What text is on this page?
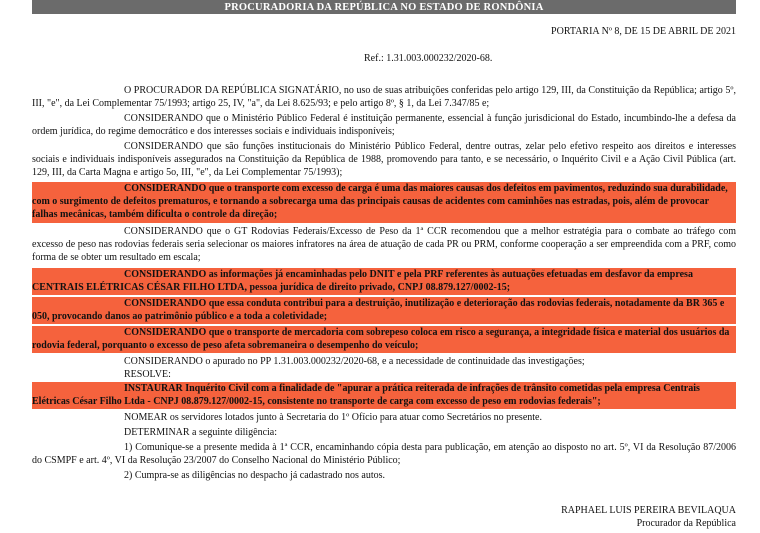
PROCURADORIA DA REPÚBLICA NO ESTADO DE RONDÔNIA
PORTARIA Nº 8, DE 15 DE ABRIL DE 2021
Ref.: 1.31.003.000232/2020-68.
O PROCURADOR DA REPÚBLICA SIGNATÁRIO, no uso de suas atribuições conferidas pelo artigo 129, III, da Constituição da República; artigo 5º, III, "e", da Lei Complementar 75/1993; artigo 25, IV, "a", da Lei 8.625/93; e pelo artigo 8º, § 1, da Lei 7.347/85 e;
CONSIDERANDO que o Ministério Público Federal é instituição permanente, essencial à função jurisdicional do Estado, incumbindo-lhe a defesa da ordem jurídica, do regime democrático e dos interesses sociais e individuais indisponíveis;
CONSIDERANDO que são funções institucionais do Ministério Público Federal, dentre outras, zelar pelo efetivo respeito aos direitos e interesses sociais e individuais indisponíveis assegurados na Constituição da República de 1988, promovendo para tanto, e se necessário, o Inquérito Civil e a Ação Civil Pública (art. 129, III, da Carta Magna e artigo 5o, III, "e", da Lei Complementar 75/1993);
CONSIDERANDO que o transporte com excesso de carga é uma das maiores causas dos defeitos em pavimentos, reduzindo sua durabilidade, com o surgimento de defeitos prematuros, e tornando a sobrecarga uma das principais causas de acidentes com caminhões nas estradas, pois, além de provocar falhas mecânicas, também dificulta o controle da direção;
CONSIDERANDO que o GT Rodovias Federais/Excesso de Peso da 1ª CCR recomendou que a melhor estratégia para o combate ao tráfego com excesso de peso nas rodovias federais seria selecionar os maiores infratores na área de atuação de cada PR ou PRM, conforme cooperação a ser empreendida com a PRF, como forma de se obter um resultado em escala;
CONSIDERANDO as informações já encaminhadas pelo DNIT e pela PRF referentes às autuações efetuadas em desfavor da empresa CENTRAIS ELÉTRICAS CÉSAR FILHO LTDA, pessoa jurídica de direito privado, CNPJ 08.879.127/0002-15;
CONSIDERANDO que essa conduta contribui para a destruição, inutilização e deterioração das rodovias federais, notadamente da BR 365 e 050, provocando danos ao patrimônio público e a toda a coletividade;
CONSIDERANDO que o transporte de mercadoria com sobrepeso coloca em risco a segurança, a integridade física e material dos usuários da rodovia federal, porquanto o excesso de peso afeta sobremaneira o desempenho do veículo;
CONSIDERANDO o apurado no PP 1.31.003.000232/2020-68, e a necessidade de continuidade das investigações;
RESOLVE:
INSTAURAR Inquérito Civil com a finalidade de "apurar a prática reiterada de infrações de trânsito cometidas pela empresa Centrais Elétricas César Filho Ltda - CNPJ 08.879.127/0002-15, consistente no transporte de carga com excesso de peso em rodovias federais";
NOMEAR os servidores lotados junto à Secretaria do 1º Ofício para atuar como Secretários no presente.
DETERMINAR a seguinte diligência:
1) Comunique-se a presente medida à 1ª CCR, encaminhando cópia desta para publicação, em atenção ao disposto no art. 5º, VI da Resolução 87/2006 do CSMPF e art. 4º, VI da Resolução 23/2007 do Conselho Nacional do Ministério Público;
2) Cumpra-se as diligências no despacho já cadastrado nos autos.
RAPHAEL LUIS PEREIRA BEVILAQUA
Procurador da República
